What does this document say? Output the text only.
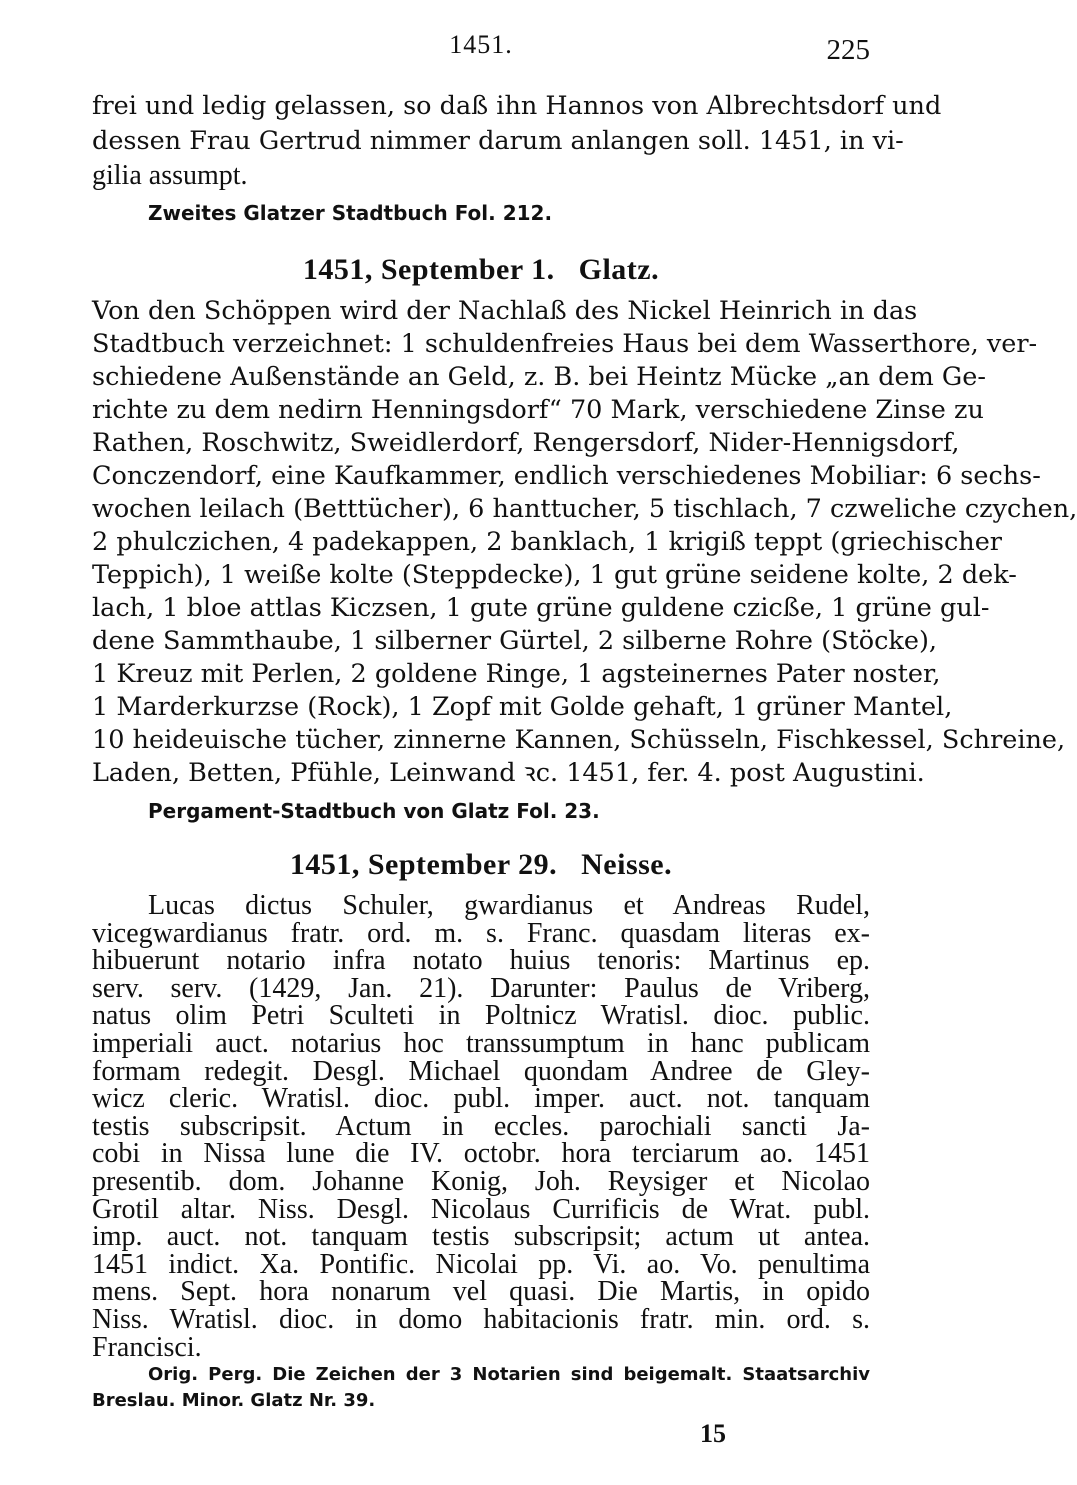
1451.	225
frei und ledig gelassen, so daß ihn Hannos von Albrechtsdorf und
dessen Frau Gertrud nimmer darum anlangen soll. 1451, in vi-
gilia assumpt.
Zweites Glatzer Stadtbuch Fol. 212.
1451, September 1. Glatz.
Von den Schöppen wird der Nachlaß des Nickel Heinrich in das
Stadtbuch verzeichnet: 1 schuldenfreies Haus bei dem Wasserthore, ver-
schiedene Außenstände an Geld, z. B. bei Heintz Mücke „an dem Ge-
richte zu dem nedirn Henningsdorf“ 70 Mark, verschiedene Zinse zu
Rathen, Roschwitz, Sweidlerdorf, Rengersdorf, Nider-Hennigsdorf,
Conczendorf, eine Kaufkammer, endlich verschiedenes Mobiliar: 6 sechs-
wochen leilach (Betttücher), 6 hanttucher, 5 tischlach, 7 czweliche czychen,
2 phulczichen, 4 padekappen, 2 banklach, 1 krigiß teppt (griechischer
Teppich), 1 weiße kolte (Steppdecke), 1 gut grüne seidene kolte, 2 dek-
lach, 1 bloe attlas Kiczsen, 1 gute grüne guldene czicße, 1 grüne gul-
dene Sammthaube, 1 silberner Gürtel, 2 silberne Rohre (Stöcke),
1 Kreuz mit Perlen, 2 goldene Ringe, 1 agsteinernes Pater noster,
1 Marderkurzse (Rock), 1 Zopf mit Golde gehaft, 1 grüner Mantel,
10 heideuische tücher, zinnerne Kannen, Schüsseln, Fischkessel, Schreine,
Laden, Betten, Pfühle, Leinwand ꝛc. 1451, fer. 4. post Augustini.
Pergament-Stadtbuch von Glatz Fol. 23.
1451, September 29. Neisse.
Lucas dictus Schuler, gwardianus et Andreas Rudel,
vicegwardianus fratr. ord. m. s. Franc. quasdam literas ex-
hibuerunt notario infra notato huius tenoris: Martinus ep.
serv. serv. (1429, Jan. 21). Darunter: Paulus de Vriberg,
natus olim Petri Sculteti in Poltnicz Wratisl. dioc. public.
imperiali auct. notarius hoc transsumptum in hanc publicam
formam redegit. Desgl. Michael quondam Andree de Gley-
wicz cleric. Wratisl. dioc. publ. imper. auct. not. tanquam
testis subscripsit. Actum in eccles. parochiali sancti Ja-
cobi in Nissa lune die IV. octobr. hora terciarum ao. 1451
presentib. dom. Johanne Konig, Joh. Reysiger et Nicolao
Grotil altar. Niss. Desgl. Nicolaus Currificis de Wrat. publ.
imp. auct. not. tanquam testis subscripsit; actum ut antea.
1451 indict. Xa. Pontific. Nicolai pp. Vi. ao. Vo. penultima
mens. Sept. hora nonarum vel quasi. Die Martis, in opido
Niss. Wratisl. dioc. in domo habitacionis fratr. min. ord. s.
Francisci.
Orig. Perg. Die Zeichen der 3 Notarien sind beigemalt. Staatsarchiv
15
Breslau. Minor. Glatz Nr. 39.
